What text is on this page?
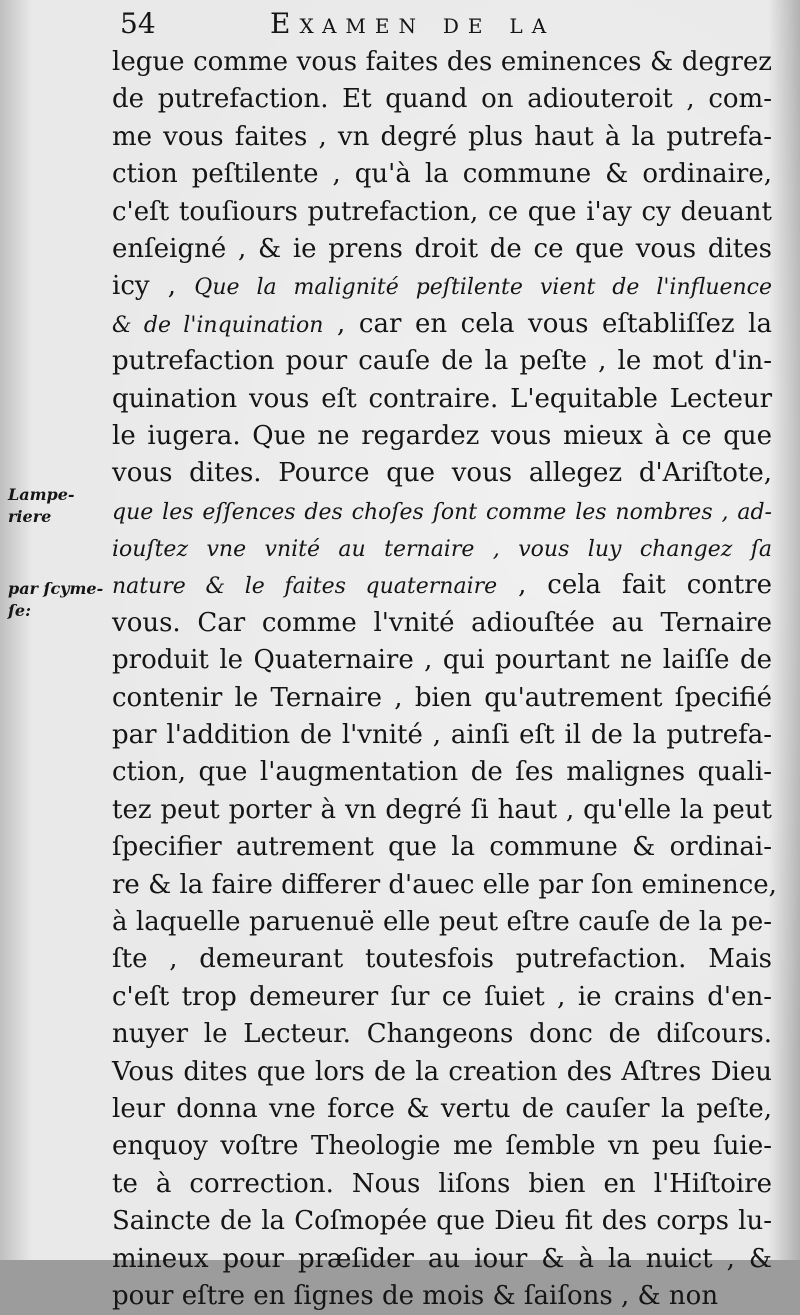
54	Examen de la
Lampe-
riere
par ſcyme-
ſe:
legue comme vous faites des eminences & degrez
de putrefaction. Et quand on adiouteroit , com-
me vous faites , vn degré plus haut à la putrefa-
ction peſtilente , qu'à la commune & ordinaire,
c'eſt touſiours putrefaction, ce que i'ay cy deuant
enſeigné , & ie prens droit de ce que vous dites
icy , Que la malignité peſtilente vient de l'influence
& de l'inquination , car en cela vous eſtabliſſez la
putrefaction pour cauſe de la peſte , le mot d'in-
quination vous eſt contraire. L'equitable Lecteur
le iugera. Que ne regardez vous mieux à ce que
vous dites. Pource que vous allegez d'Ariſtote,
que les eſſences des choſes ſont comme les nombres , ad-
iouſtez vne vnité au ternaire , vous luy changez ſa
nature & le faites quaternaire , cela fait contre
vous. Car comme l'vnité adiouſtée au Ternaire
produit le Quaternaire , qui pourtant ne laiſſe de
contenir le Ternaire , bien qu'autrement ſpecifié
par l'addition de l'vnité , ainſi eſt il de la putrefa-
ction, que l'augmentation de ſes malignes quali-
tez peut porter à vn degré ſi haut , qu'elle la peut
ſpecifier autrement que la commune & ordinai-
re & la faire differer d'auec elle par ſon eminence,
à laquelle paruenuë elle peut eſtre cauſe de la pe-
ſte , demeurant toutesfois putrefaction. Mais
c'eſt trop demeurer ſur ce ſuiet , ie crains d'en-
nuyer le Lecteur. Changeons donc de diſcours.
Vous dites que lors de la creation des Aſtres Dieu
leur donna vne force & vertu de cauſer la peſte,
enquoy voſtre Theologie me ſemble vn peu ſuie-
te à correction. Nous liſons bien en l'Hiſtoire
Saincte de la Coſmopée que Dieu fit des corps lu-
mineux pour præſider au iour & à la nuict , &
pour eſtre en ſignes de mois & ſaiſons , & non
